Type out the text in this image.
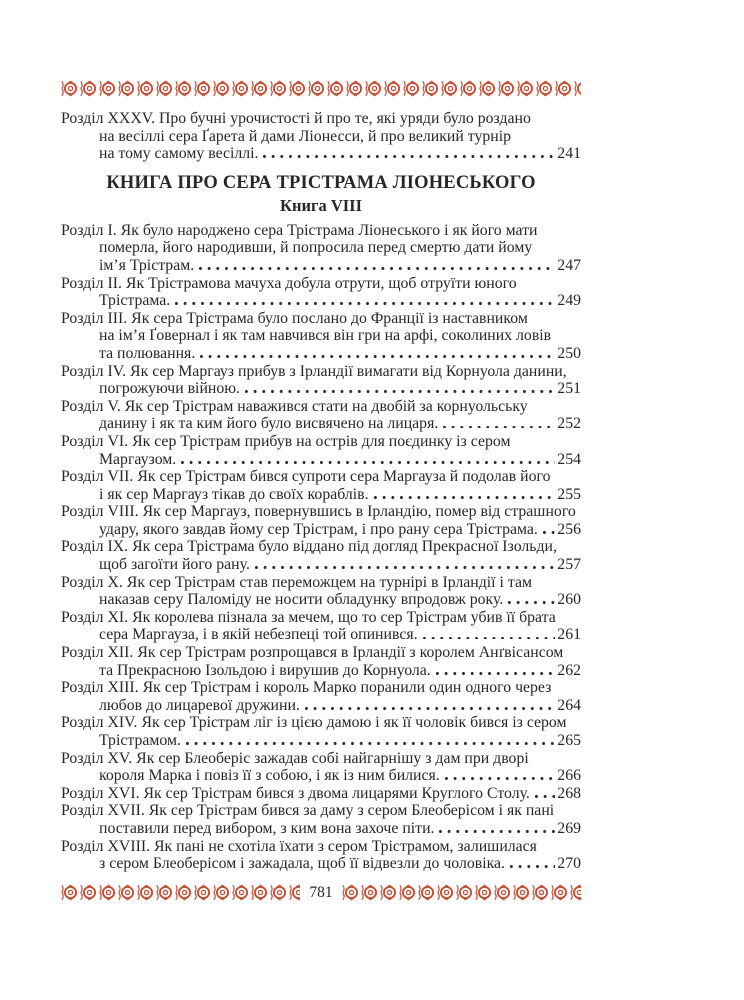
Розділ XXXV. Про бучні урочистості й про те, які уряди було роздано
на весіллі сера Ґарета й дами Ліонесси, й про великий турнір
на тому самому весіллі.	241
КНИГА ПРО СЕРА ТРІСТРАМА ЛІОНЕСЬКОГО
Книга VIII
Розділ I. Як було народжено сера Трістрама Ліонеського і як його мати
померла, його народивши, й попросила перед смертю дати йому
ім’я Трістрам.	247
Розділ II. Як Трістрамова мачуха добула отрути, щоб отруїти юного
Трістрама.	249
Розділ III. Як сера Трістрама було послано до Франції із наставником
на ім’я Ґовернал і як там навчився він гри на арфі, соколиних ловів
та полювання.	250
Розділ IV. Як сер Маргауз прибув з Ірландії вимагати від Корнуола данини,
погрожуючи війною.	251
Розділ V. Як сер Трістрам наважився стати на двобій за корнуольську
данину і як та ким його було висвячено на лицаря.	252
Розділ VI. Як сер Трістрам прибув на острів для поєдинку із сером
Маргаузом.	254
Розділ VII. Як сер Трістрам бився супроти сера Маргауза й подолав його
і як сер Маргауз тікав до своїх кораблів.	255
Розділ VIII. Як сер Маргауз, повернувшись в Ірландію, помер від страшного
удару, якого завдав йому сер Трістрам, і про рану сера Трістрама. 256
Розділ IX. Як сера Трістрама було віддано під догляд Прекрасної Ізольди,
щоб загоїти його рану.	257
Розділ X. Як сер Трістрам став переможцем на турнірі в Ірландії і там
наказав серу Паломіду не носити обладунку впродовж року.	260
Розділ XI. Як королева пізнала за мечем, що то сер Трістрам убив її брата
сера Маргауза, і в якій небезпеці той опинився.	261
Розділ XII. Як сер Трістрам розпрощався в Ірландії з королем Анґвісансом
та Прекрасною Ізольдою і вирушив до Корнуола.	262
Розділ XIII. Як сер Трістрам і король Марко поранили один одного через
любов до лицаревої дружини.	264
Розділ XIV. Як сер Трістрам ліг із цією дамою і як її чоловік бився із сером
Трістрамом.	265
Розділ XV. Як сер Блеоберіс зажадав собі найгарнішу з дам при дворі
короля Марка і повіз її з собою, і як із ним билися.	266
Розділ XVI. Як сер Трістрам бився з двома лицарями Круглого Столу. 268
Розділ XVII. Як сер Трістрам бився за даму з сером Блеоберісом і як пані
поставили перед вибором, з ким вона захоче піти.	269
Розділ XVIII. Як пані не схотіла їхати з сером Трістрамом, залишилася
з сером Блеоберісом і зажадала, щоб її відвезли до чоловіка.	270
781
